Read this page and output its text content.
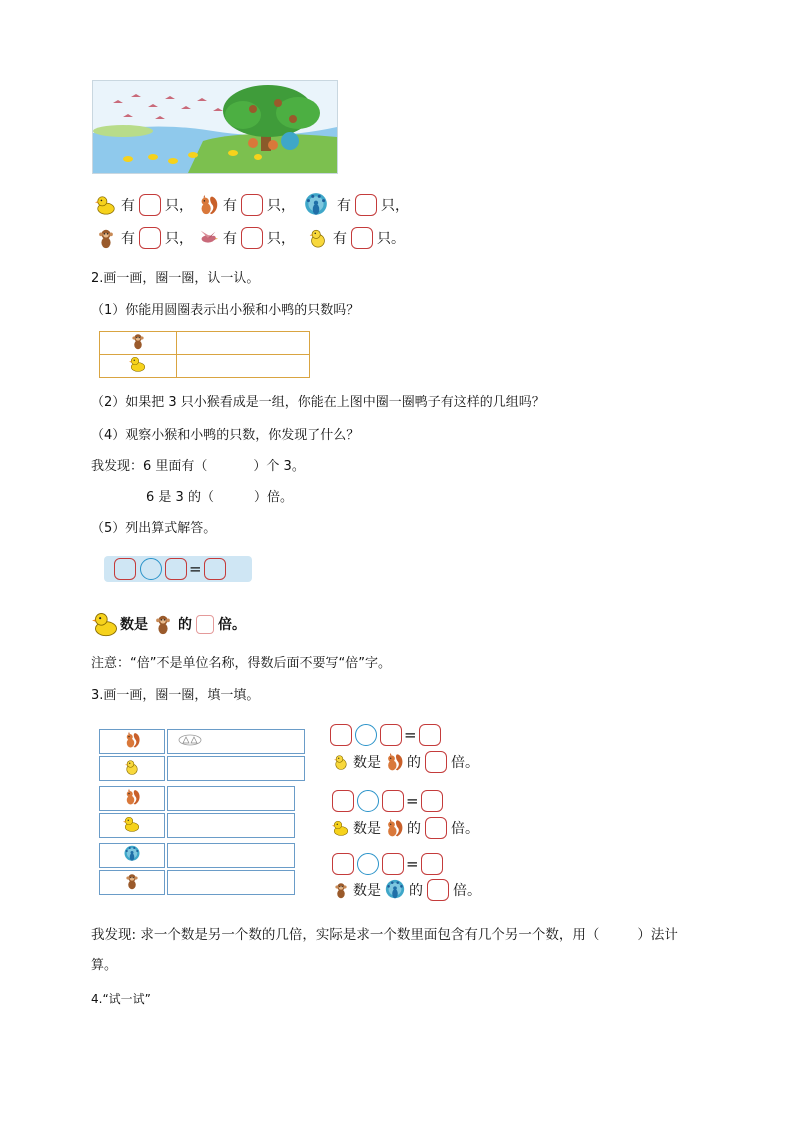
有 只， 有 只，	有 只，
有 只， 有 只，	有 只。
2.画一画，圈一圈，认一认。
（1）你能用圆圈表示出小猴和小鸭的只数吗？

（2）如果把 3 只小猴看成是一组，你能在上图中圈一圈鸭子有这样的几组吗？
（4）观察小猴和小鸭的只数，你发现了什么？
我发现：6 里面有（	）个 3。
6 是 3 的（	）倍。
（5）列出算式解答。
=
数是 的 倍。
注意：“倍”不是单位名称，得数后面不要写“倍”字。
3.画一画，圈一圈，填一填。

=
数是 的 倍。
=
数是 的 倍。
=
数是 的 倍。
我发现: 求一个数是另一个数的几倍，实际是求一个数里面包含有几个另一个数，用（	）法计
算。
4.“试一试”
